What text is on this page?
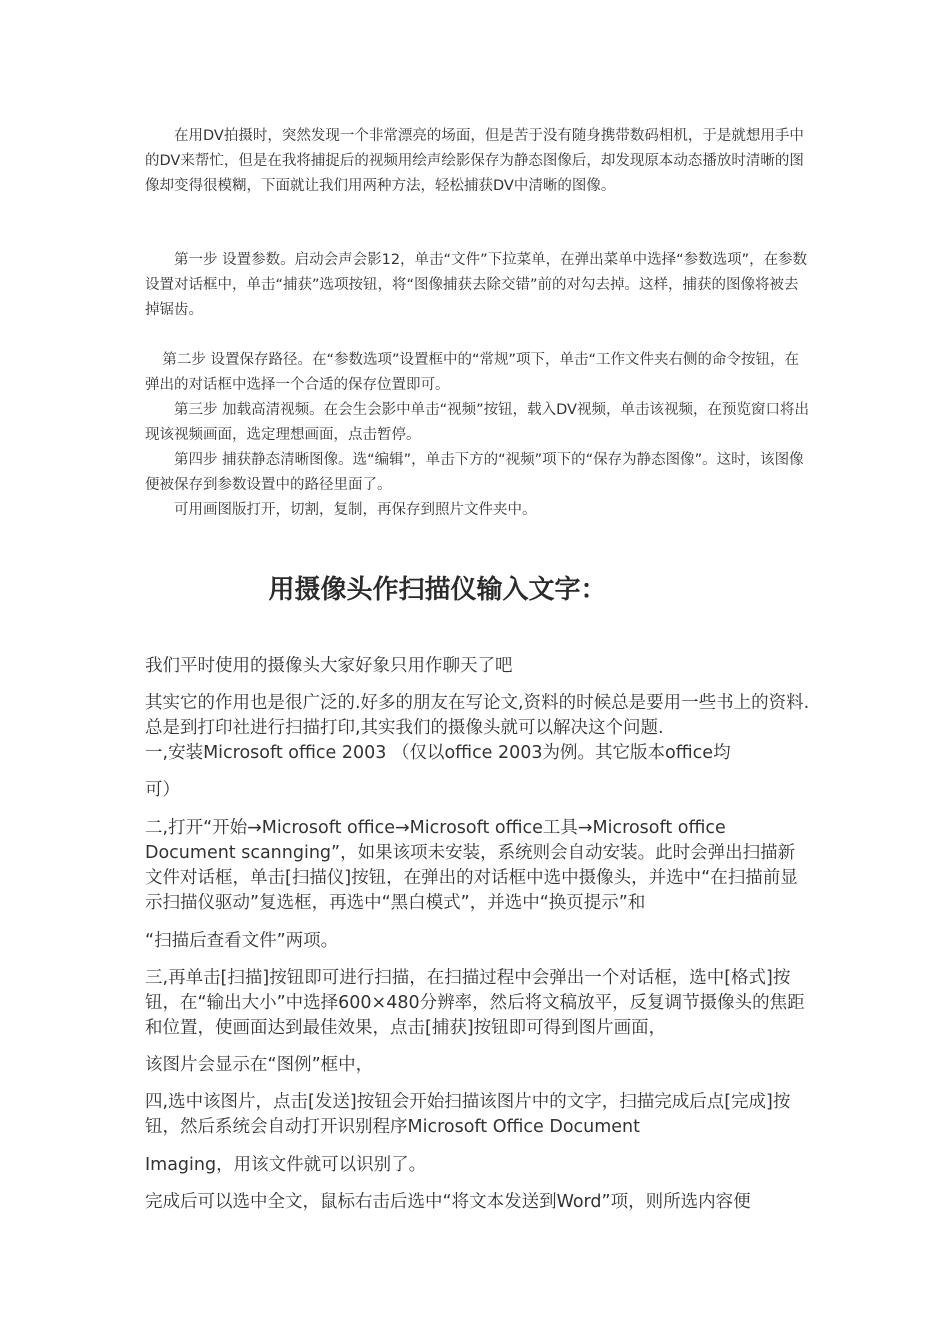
在用DV拍摄时，突然发现一个非常漂亮的场面，但是苦于没有随身携带数码相机，于是就想用手中的DV来帮忙，但是在我将捕捉后的视频用绘声绘影保存为静态图像后，却发现原本动态播放时清晰的图像却变得很模糊，下面就让我们用两种方法，轻松捕获DV中清晰的图像。

第一步 设置参数。启动会声会影12，单击“文件”下拉菜单，在弹出菜单中选择“参数选项”，在参数设置对话框中，单击“捕获”选项按钮，将“图像捕获去除交错”前的对勾去掉。这样，捕获的图像将被去掉锯齿。

第二步 设置保存路径。在“参数选项”设置框中的“常规”项下，单击“工作文件夹右侧的命令按钮，在弹出的对话框中选择一个合适的保存位置即可。

第三步 加载高清视频。在会生会影中单击“视频”按钮，载入DV视频，单击该视频，在预览窗口将出现该视频画面，选定理想画面，点击暂停。

第四步 捕获静态清晰图像。选“编辑”，单击下方的“视频”项下的“保存为静态图像”。这时，该图像便被保存到参数设置中的路径里面了。

可用画图版打开，切割，复制，再保存到照片文件夹中。

用摄像头作扫描仪输入文字：

我们平时使用的摄像头大家好象只用作聊天了吧

其实它的作用也是很广泛的.好多的朋友在写论文,资料的时候总是要用一些书上的资料.总是到打印社进行扫描打印,其实我们的摄像头就可以解决这个问题.

一,安装Microsoft office 2003 （仅以office 2003为例。其它版本office均

可）

二,打开“开始→Microsoft office→Microsoft office工具→Microsoft office Document scannging”，如果该项未安装，系统则会自动安装。此时会弹出扫描新文件对话框，单击[扫描仪]按钮，在弹出的对话框中选中摄像头，并选中“在扫描前显示扫描仪驱动”复选框，再选中“黑白模式”，并选中“换页提示”和

“扫描后查看文件”两项。

三,再单击[扫描]按钮即可进行扫描，在扫描过程中会弹出一个对话框，选中[格式]按钮，在“输出大小”中选择600×480分辨率，然后将文稿放平，反复调节摄像头的焦距和位置，使画面达到最佳效果，点击[捕获]按钮即可得到图片画面，

该图片会显示在“图例”框中，

四,选中该图片，点击[发送]按钮会开始扫描该图片中的文字，扫描完成后点[完成]按钮，然后系统会自动打开识别程序Microsoft Office Document

Imaging，用该文件就可以识别了。

完成后可以选中全文，鼠标右击后选中“将文本发送到Word”项，则所选内容便
